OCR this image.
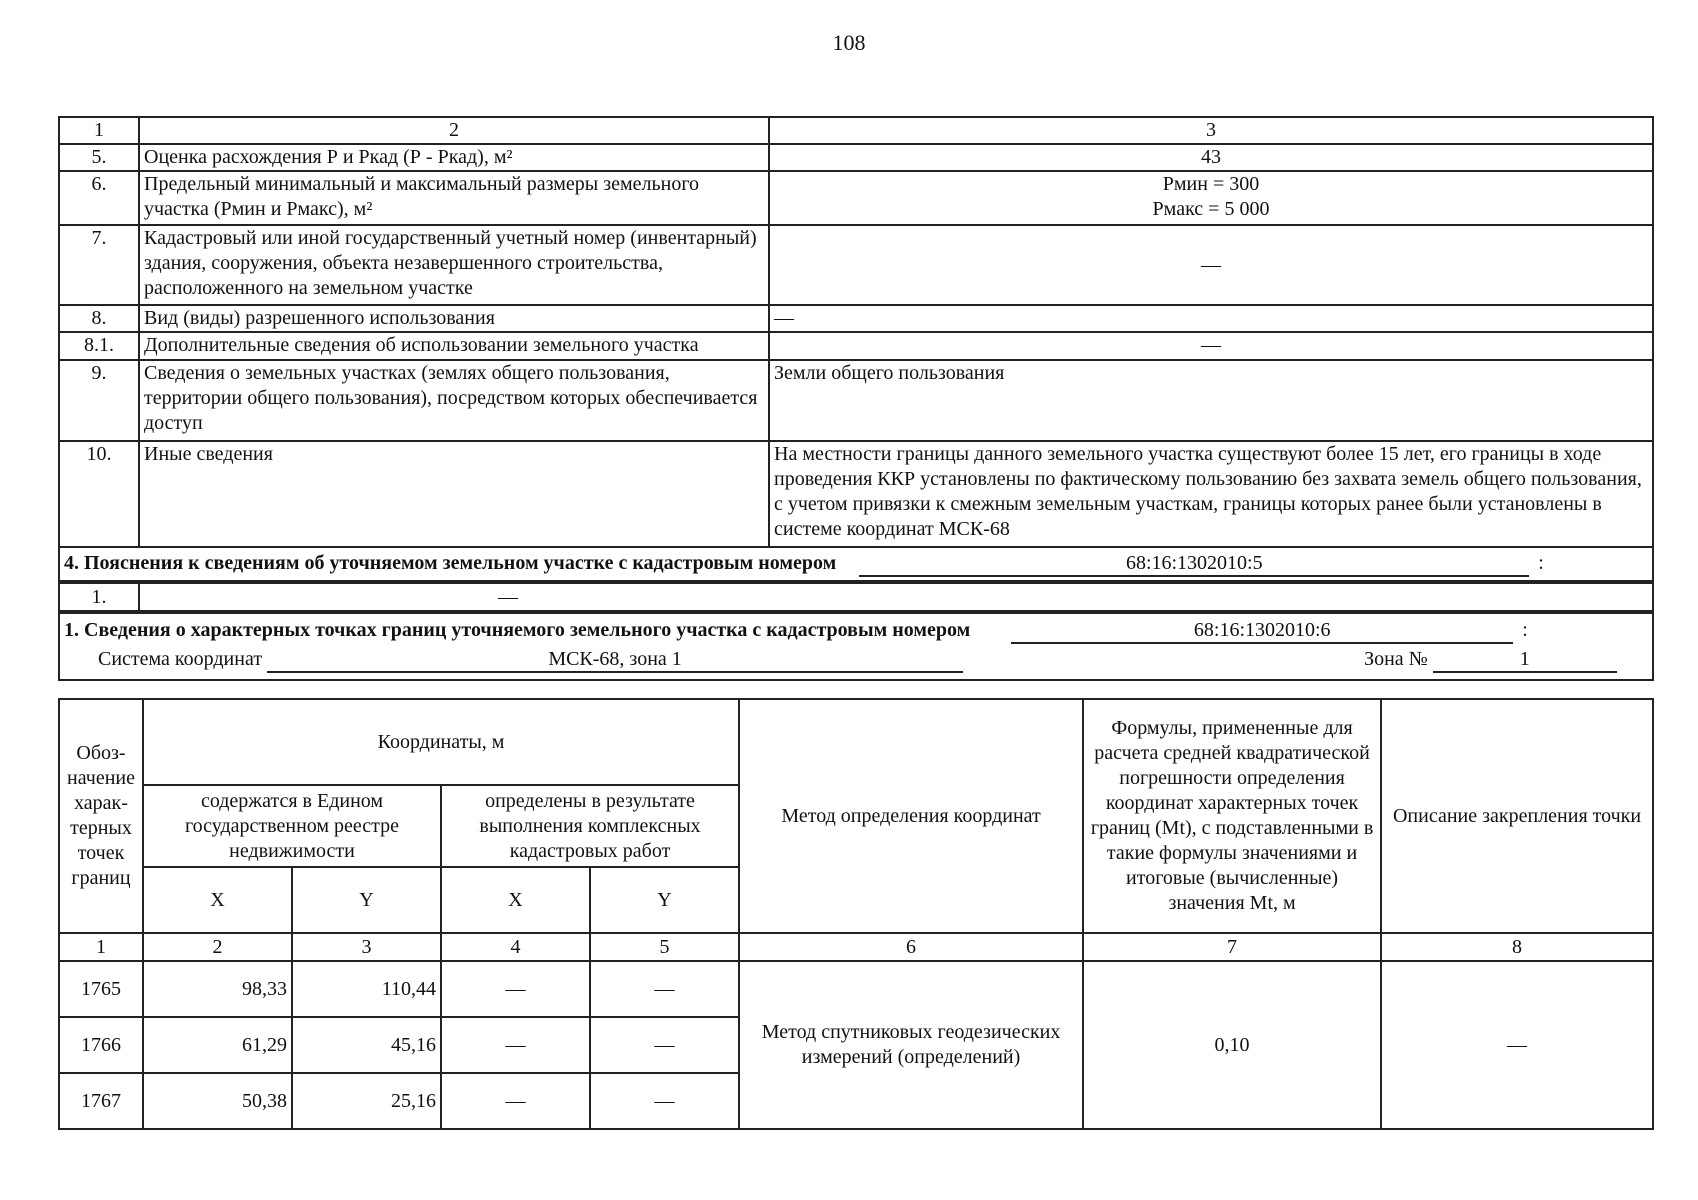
108
1	2	3
5.	Оценка расхождения Р и Ркад (Р - Ркад), м²	43
6.	Предельный минимальный и максимальный размеры земельного участка (Рмин и Рмакс), м²	Рмин = 300
Рмакс = 5 000

7.	Кадастровый или иной государственный учетный номер (инвентарный) здания, сооружения, объекта незавершенного строительства, расположенного на земельном участке	—
8.	Вид (виды) разрешенного использования	—
8.1.	Дополнительные сведения об использовании земельного участка	—
9.	Сведения о земельных участках (землях общего пользования, территории общего пользования), посредством которых обеспечивается доступ	Земли общего пользования
10.	Иные сведения	На местности границы данного земельного участка существуют более 15 лет, его границы в ходе проведения ККР установлены по фактическому пользованию без захвата земель общего пользования, с учетом привязки к смежным земельным участкам, границы которых ранее были установлены в системе координат МСК-68
4. Пояснения к сведениям об уточняемом земельном участке с кадастровым номером 68:16:1302010:5 :		
1.	—	

1. Сведения о характерных точках границ уточняемого земельного участка с кадастровым номером 68:16:1302010:6 :
Система координат МСК-68, зона 1 Зона № 1		
Обоз-начение харак-терных точек границ	Координаты, м				Метод определения координат	Формулы, примененные для расчета средней квадратической погрешности определения координат характерных точек границ (Mt), с подставленными в такие формулы значениями и итоговые (вычисленные) значения Mt, м	Описание закрепления точки
	содержатся в Едином государственном реестре недвижимости		определены в результате выполнения комплексных кадастровых работ				
	X	Y	X	Y			
1	2	3	4	5	6	7	8
1765	98,33	110,44	—	—	Метод спутниковых геодезических измерений (определений)	0,10	—
1766	61,29	45,16	—	—			
1767	50,38	25,16	—	—			
